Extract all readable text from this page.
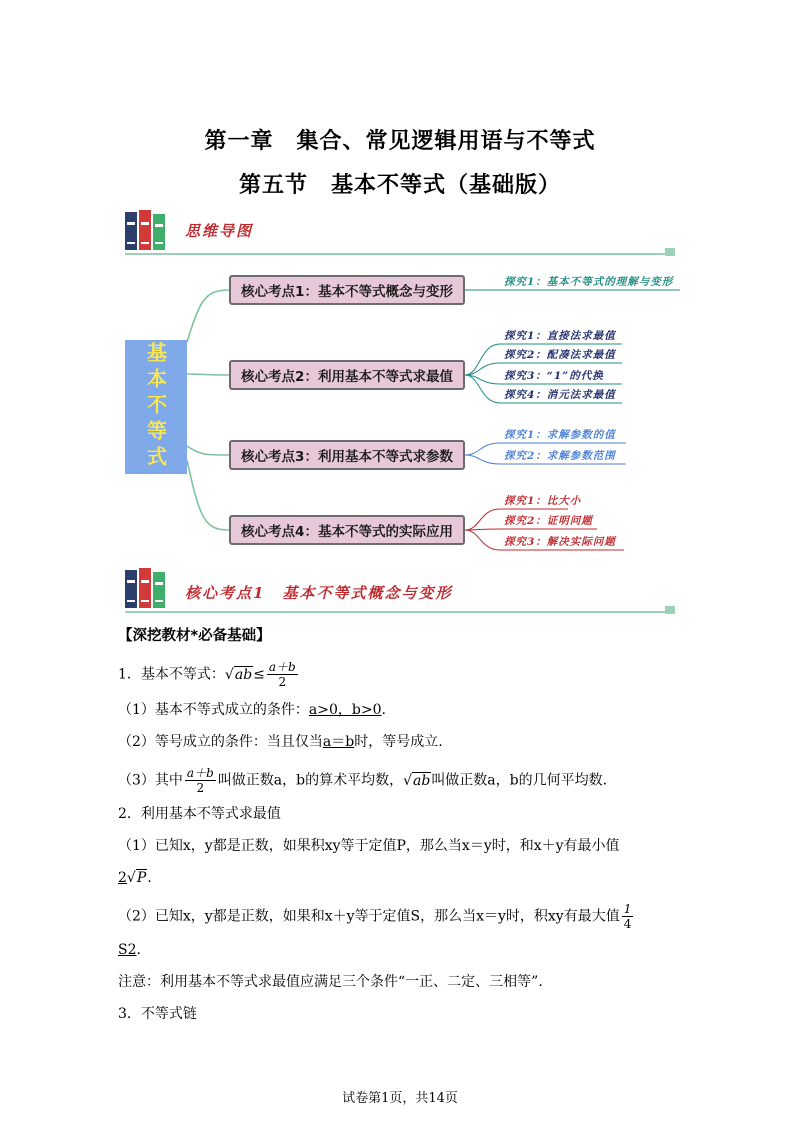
第一章　集合、常见逻辑用语与不等式
第五节　基本不等式（基础版）
思维导图
基本不等式
核心考点1：基本不等式概念与变形
核心考点2：利用基本不等式求最值
核心考点3：利用基本不等式求参数
核心考点4：基本不等式的实际应用
探究1：基本不等式的理解与变形
探究1：直接法求最值
探究2：配凑法求最值
探究3：“1”的代换
探究4：消元法求最值
探究1：求解参数的值
探究2：求解参数范围
探究1：比大小
探究2：证明问题
探究3：解决实际问题
核心考点1　基本不等式概念与变形
【深挖教材*必备基础】
1．基本不等式：$√ab\le \frac{a+b}{2}$
（1）基本不等式成立的条件：a>0，b>0.
（2）等号成立的条件：当且仅当a＝b时，等号成立.
（3）其中 $\frac{a+b}{2}$ 叫做正数a，b的算术平均数，√ab叫做正数a，b的几何平均数.
2．利用基本不等式求最值
（1）已知x，y都是正数，如果积xy等于定值P，那么当x＝y时，和x＋y有最小值
2√P.
（2）已知x，y都是正数，如果和x＋y等于定值S，那么当x＝y时，积xy有最大值 $\frac{1}{4}$
S2.
注意：利用基本不等式求最值应满足三个条件“一正、二定、三相等”.
3．不等式链
试卷第1页，共14页
